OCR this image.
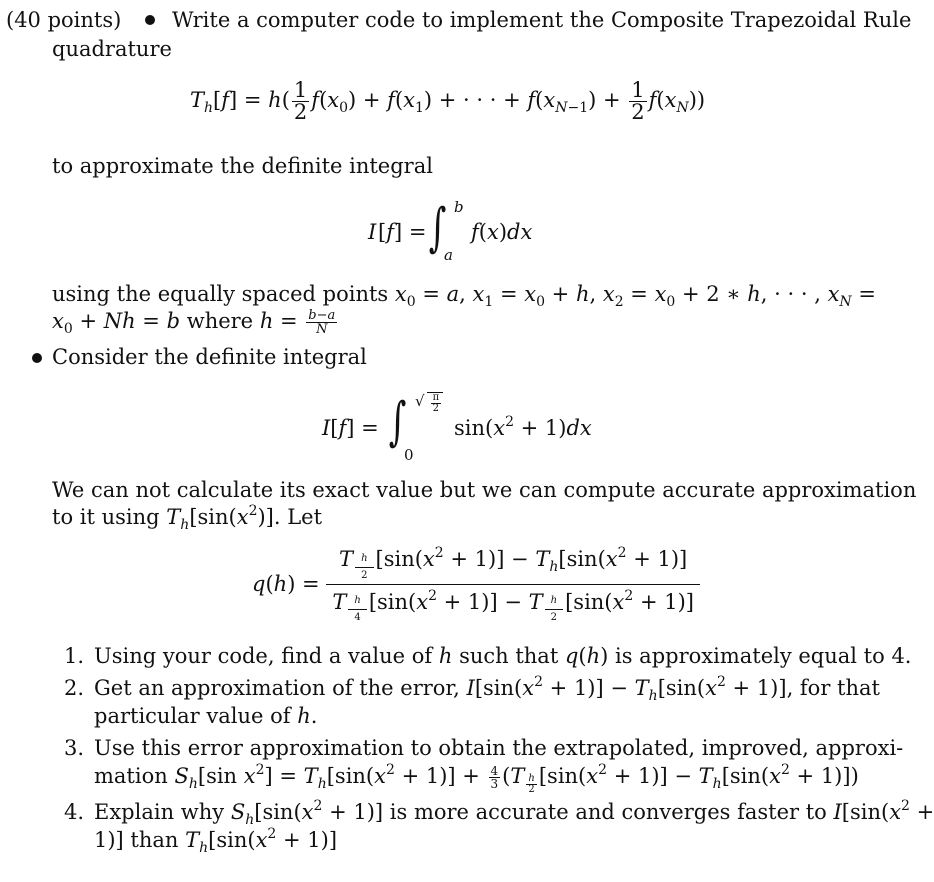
(40 points) Write a computer code to implement the Composite Trapezoidal Rule
quadrature
$T_h[f] = h( \frac{1}{2} f(x_0) + f(x_1)$ + · · · + $f(x_{N-1}) + \frac{1}{2} f(x_N)$)
to approximate the definite integral
I [f] = ∫ b
a
f(x)dx
using the equally spaced points $x_0 = a$, $x_1 = x_0 + h$, $x_2 = x_0 + 2$ ∗ h, · · · , $x_N$ =
$x_0 + Nh = b$ where $h = \frac{b-a}{N}$
Consider the definite integral
I[f] = ∫ √ $\frac{\pi}{2}$
0
$\sin(x^2 + 1)dx$
We can not calculate its exact value but we can compute accurate approximation
to it using $T_h[\sin(x^2)]$. Let
q(h) = T $_{\frac{h}{2}}$ $[\sin(x^2 + 1)] - T_h[\sin(x^2 + 1)]$
T $_{\frac{h}{4}}$ $[\sin(x^2 + 1)] - T$ $_{\frac{h}{2}}$ $[\sin(x^2 + 1)]$
1. Using your code, find a value of h such that q(h) is approximately equal to 4.
2. Get an approximation of the error, $I[\sin(x^2 + 1)] - T_h[\sin(x^2 + 1)]$, for that
particular value of h.
3. Use this error approximation to obtain the extrapolated, improved, approxi-
mation $S_h[\sin$ $x^2] = T_h[\sin(x^2 + 1)] + \frac{4}{3} (T$ $_{\frac{h}{2}}$ $[\sin(x^2 + 1)] - T_h[\sin(x^2 + 1)]$)
4. Explain why $S_h[\sin(x^2 + 1)]$ is more accurate and converges faster to $I[\sin(x^2$ +
1)] than $T_h[\sin(x^2 + 1)]$
